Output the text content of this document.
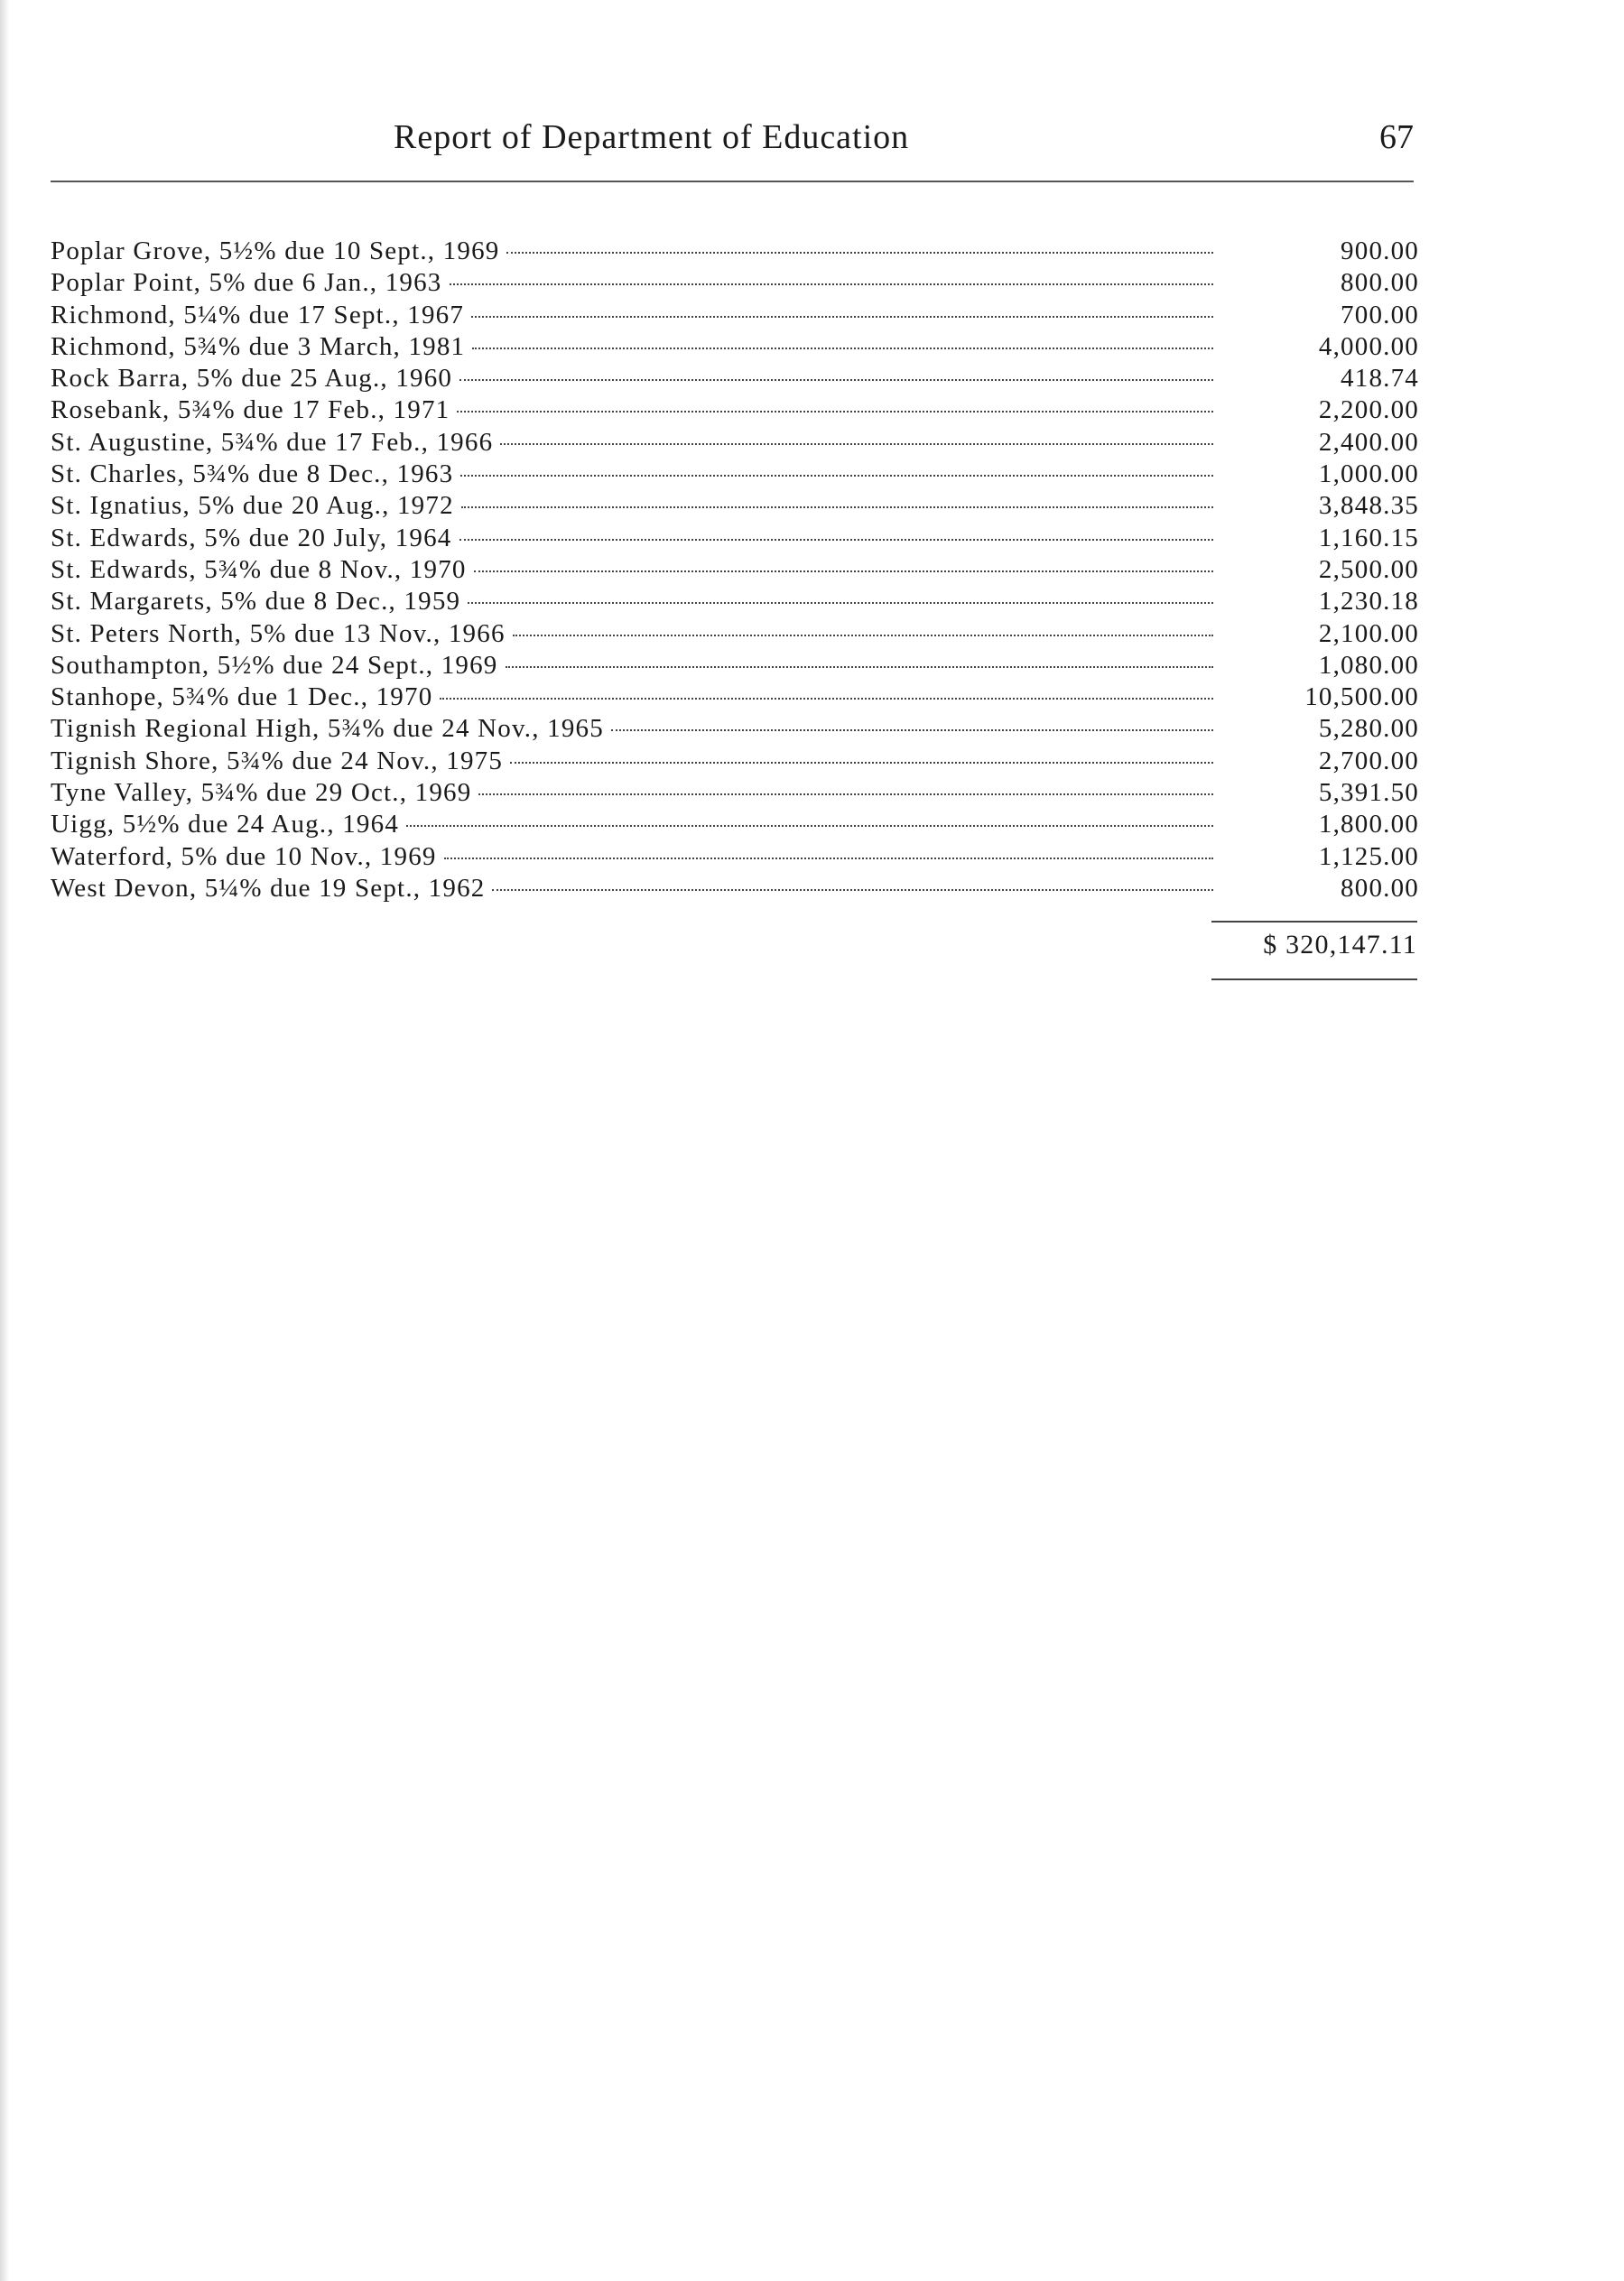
Report of Department of Education	67
Poplar Grove, 5½% due 10 Sept., 1969	900.00
Poplar Point, 5% due 6 Jan., 1963	800.00
Richmond, 5¼% due 17 Sept., 1967	700.00
Richmond, 5¾% due 3 March, 1981	4,000.00
Rock Barra, 5% due 25 Aug., 1960	418.74
Rosebank, 5¾% due 17 Feb., 1971	2,200.00
St. Augustine, 5¾% due 17 Feb., 1966	2,400.00
St. Charles, 5¾% due 8 Dec., 1963	1,000.00
St. Ignatius, 5% due 20 Aug., 1972	3,848.35
St. Edwards, 5% due 20 July, 1964	1,160.15
St. Edwards, 5¾% due 8 Nov., 1970	2,500.00
St. Margarets, 5% due 8 Dec., 1959	1,230.18
St. Peters North, 5% due 13 Nov., 1966	2,100.00
Southampton, 5½% due 24 Sept., 1969	1,080.00
Stanhope, 5¾% due 1 Dec., 1970	10,500.00
Tignish Regional High, 5¾% due 24 Nov., 1965	5,280.00
Tignish Shore, 5¾% due 24 Nov., 1975	2,700.00
Tyne Valley, 5¾% due 29 Oct., 1969	5,391.50
Uigg, 5½% due 24 Aug., 1964	1,800.00
Waterford, 5% due 10 Nov., 1969	1,125.00
West Devon, 5¼% due 19 Sept., 1962	800.00
$ 320,147.11
